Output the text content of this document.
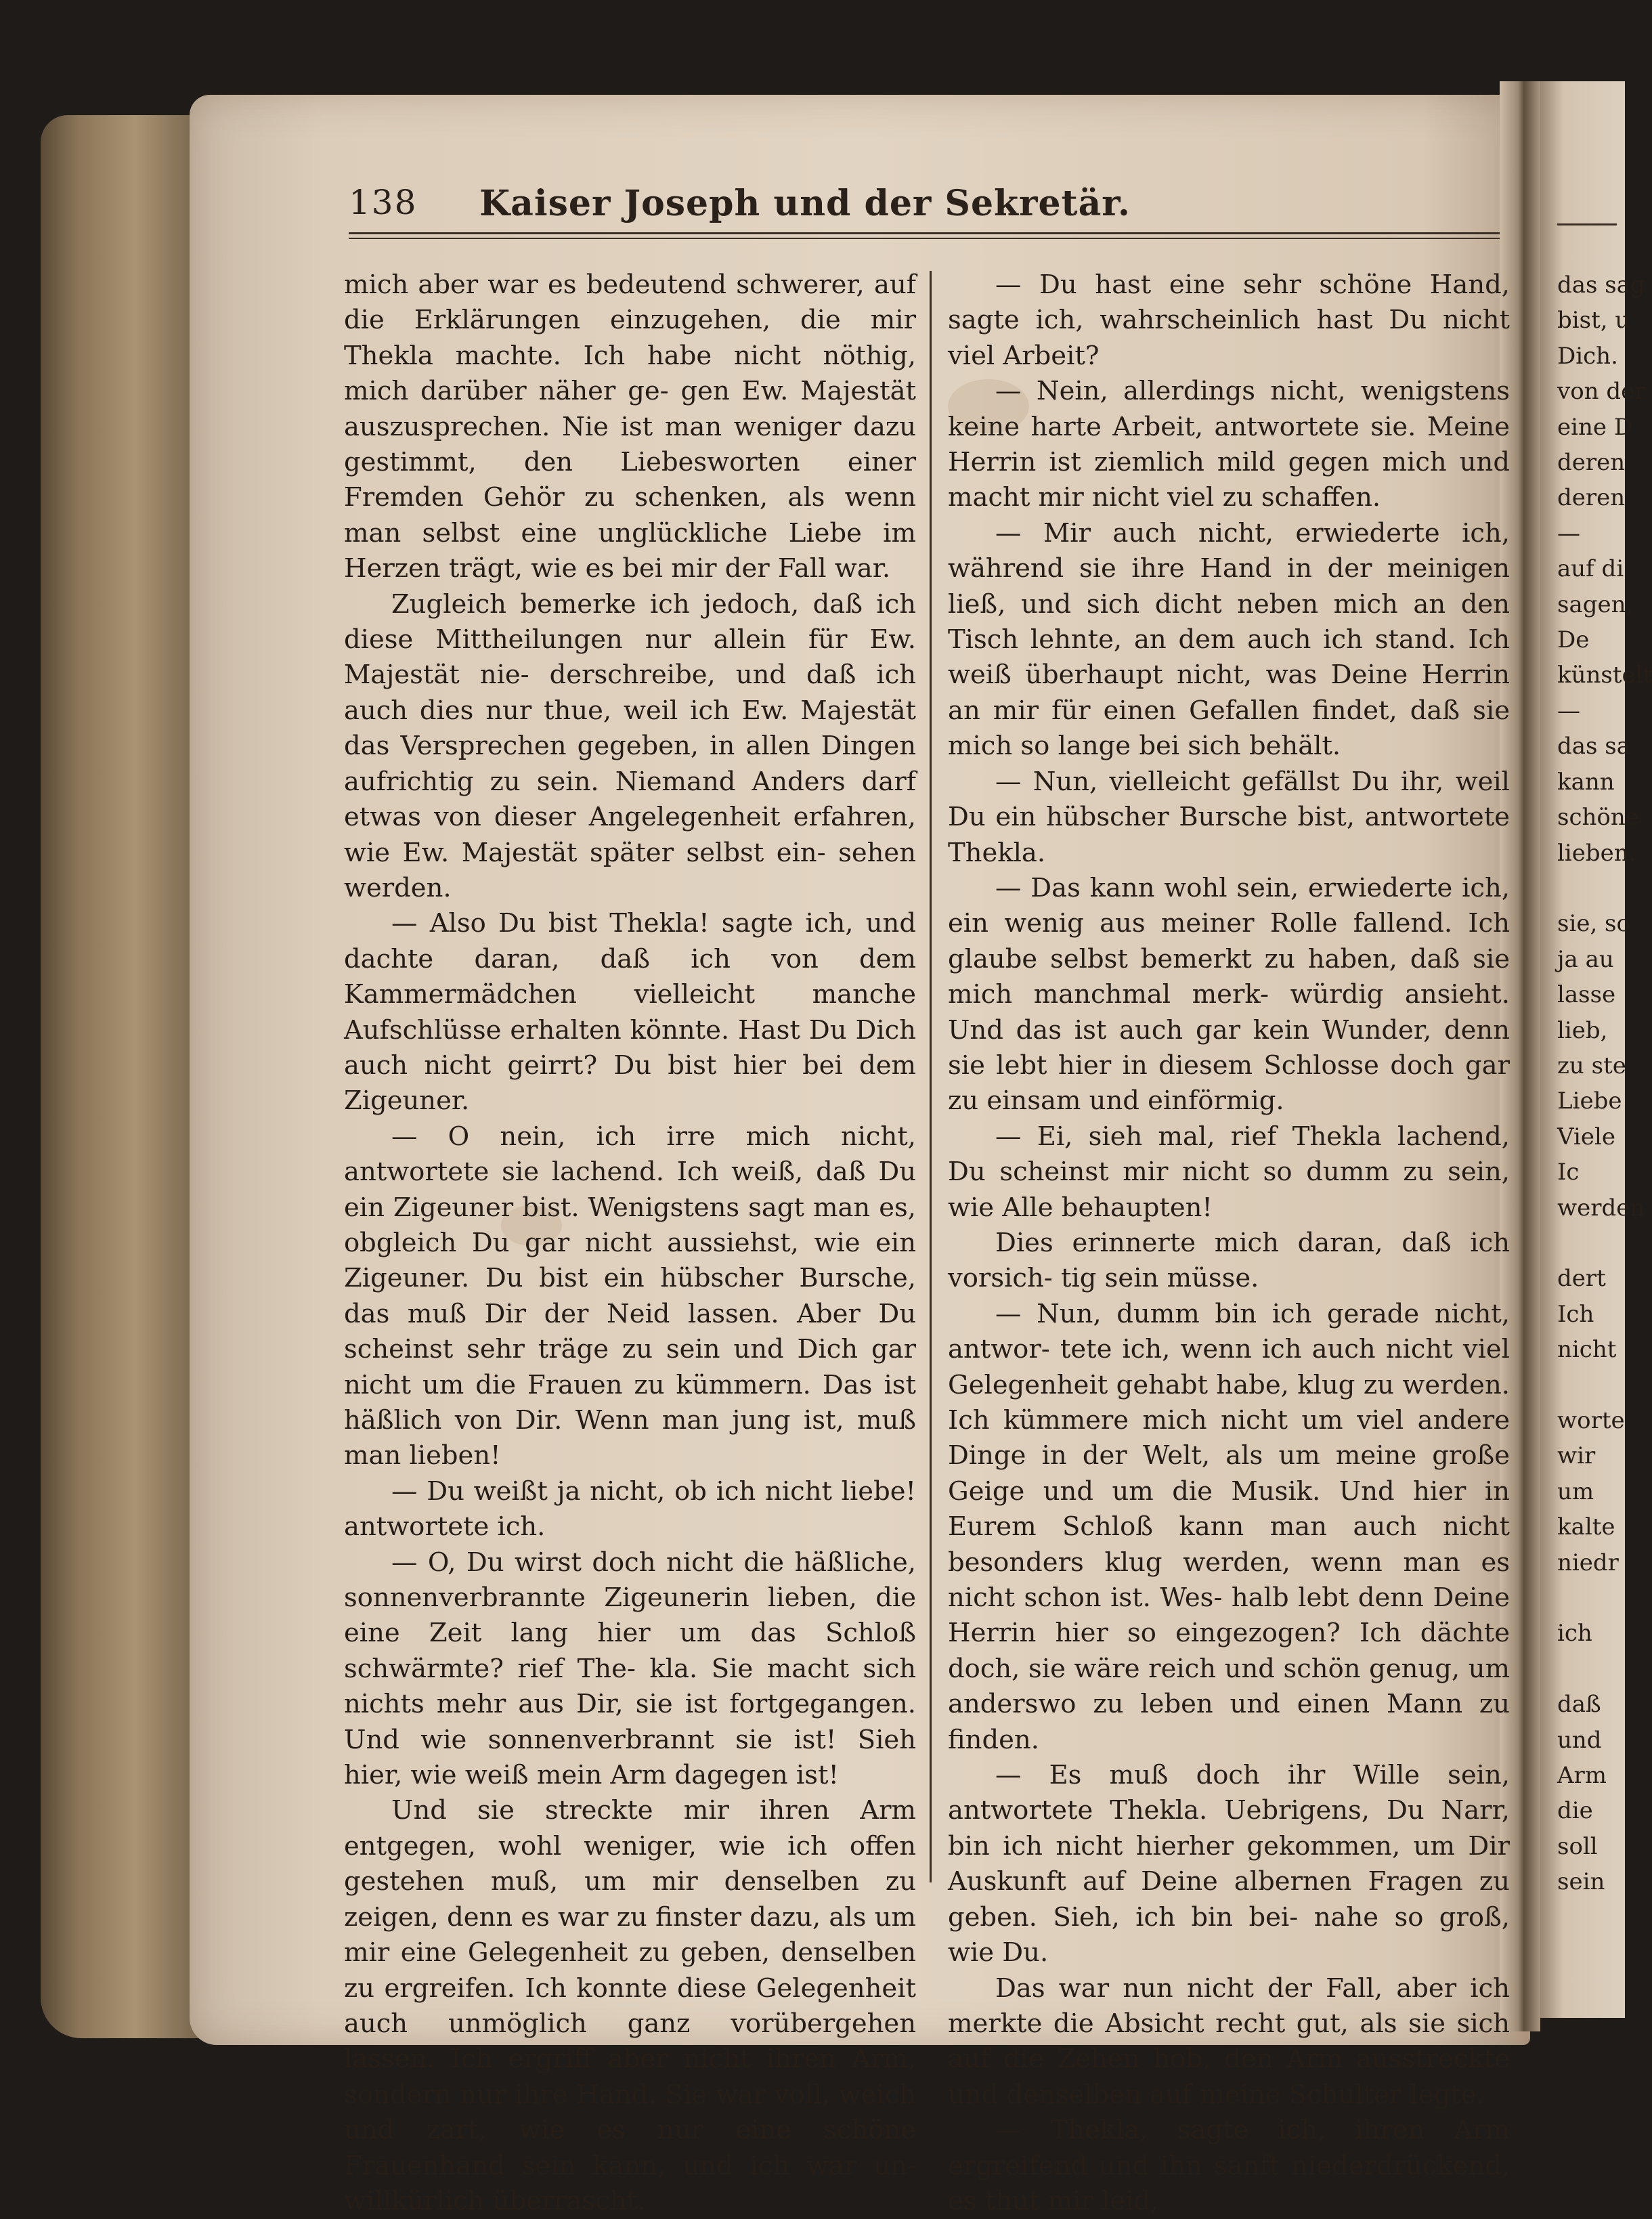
138 Kaiser Joseph und der Sekretär.

mich aber war es bedeutend schwerer, auf die Erklärungen einzugehen, die mir Thekla machte. Ich habe nicht nöthig, mich darüber näher ge- gen Ew. Majestät auszusprechen. Nie ist man weniger dazu gestimmt, den Liebesworten einer Fremden Gehör zu schenken, als wenn man selbst eine unglückliche Liebe im Herzen trägt, wie es bei mir der Fall war.

Zugleich bemerke ich jedoch, daß ich diese Mittheilungen nur allein für Ew. Majestät nie- derschreibe, und daß ich auch dies nur thue, weil ich Ew. Majestät das Versprechen gegeben, in allen Dingen aufrichtig zu sein. Niemand Anders darf etwas von dieser Angelegenheit erfahren, wie Ew. Majestät später selbst ein- sehen werden.

— Also Du bist Thekla! sagte ich, und dachte daran, daß ich von dem Kammermädchen vielleicht manche Aufschlüsse erhalten könnte. Hast Du Dich auch nicht geirrt? Du bist hier bei dem Zigeuner.

— O nein, ich irre mich nicht, antwortete sie lachend. Ich weiß, daß Du ein Zigeuner bist. Wenigstens sagt man es, obgleich Du gar nicht aussiehst, wie ein Zigeuner. Du bist ein hübscher Bursche, das muß Dir der Neid lassen. Aber Du scheinst sehr träge zu sein und Dich gar nicht um die Frauen zu kümmern. Das ist häßlich von Dir. Wenn man jung ist, muß man lieben!

— Du weißt ja nicht, ob ich nicht liebe! antwortete ich.

— O, Du wirst doch nicht die häßliche, sonnenverbrannte Zigeunerin lieben, die eine Zeit lang hier um das Schloß schwärmte? rief The- kla. Sie macht sich nichts mehr aus Dir, sie ist fortgegangen. Und wie sonnenverbrannt sie ist! Sieh hier, wie weiß mein Arm dagegen ist!

Und sie streckte mir ihren Arm entgegen, wohl weniger, wie ich offen gestehen muß, um mir denselben zu zeigen, denn es war zu finster dazu, als um mir eine Gelegenheit zu geben, denselben zu ergreifen. Ich konnte diese Gelegenheit auch unmöglich ganz vorübergehen lassen. Ich ergriff aber nicht ihren Arm, sondern nur ihre Hand. Sie war voll, weich und zart, wie es nur eine schöne Frauenhand sein kann, und ich war un- willkürlich überrascht.

— Du hast eine sehr schöne Hand, sagte ich, wahrscheinlich hast Du nicht viel Arbeit?

— Nein, allerdings nicht, wenigstens keine harte Arbeit, antwortete sie. Meine Herrin ist ziemlich mild gegen mich und macht mir nicht viel zu schaffen.

— Mir auch nicht, erwiederte ich, während sie ihre Hand in der meinigen ließ, und sich dicht neben mich an den Tisch lehnte, an dem auch ich stand. Ich weiß überhaupt nicht, was Deine Herrin an mir für einen Gefallen findet, daß sie mich so lange bei sich behält.

— Nun, vielleicht gefällst Du ihr, weil Du ein hübscher Bursche bist, antwortete Thekla.

— Das kann wohl sein, erwiederte ich, ein wenig aus meiner Rolle fallend. Ich glaube selbst bemerkt zu haben, daß sie mich manchmal merk- würdig ansieht. Und das ist auch gar kein Wunder, denn sie lebt hier in diesem Schlosse doch gar zu einsam und einförmig.

— Ei, sieh mal, rief Thekla lachend, Du scheinst mir nicht so dumm zu sein, wie Alle behaupten!

Dies erinnerte mich daran, daß ich vorsich- tig sein müsse.

— Nun, dumm bin ich gerade nicht, antwor- tete ich, wenn ich auch nicht viel Gelegenheit gehabt habe, klug zu werden. Ich kümmere mich nicht um viel andere Dinge in der Welt, als um meine große Geige und um die Musik. Und hier in Eurem Schloß kann man auch nicht besonders klug werden, wenn man es nicht schon ist. Wes- halb lebt denn Deine Herrin hier so eingezogen? Ich dächte doch, sie wäre reich und schön genug, um anderswo zu leben und einen Mann zu finden.

— Es muß doch ihr Wille sein, antwortete Thekla. Uebrigens, Du Narr, bin ich nicht hierher gekommen, um Dir Auskunft auf Deine albernen Fragen zu geben. Sieh, ich bin bei- nahe so groß, wie Du.

Das war nun nicht der Fall, aber ich merkte die Absicht recht gut, als sie sich auf die Zehen hob, den Arm ausstreckte und denselben auf meine Schulter legte.

— Thekla, sagte ich, ihren Arm ergreifend und ihn sanft niederdrückend, es thut mir leid,

das sag
bist, u
Dich.
von der
eine D
deren
deren
—
auf di
sagen,
De
künstelt
—
das sa
kann
schöne
lieben.

sie, so
ja au
lasse
lieb,
zu ste
Liebe
Viele
Ic
werden

dert
Ich
nicht

worte
wir
um
kalte
niedr

ich

daß
und
Arm
die
soll
sein
